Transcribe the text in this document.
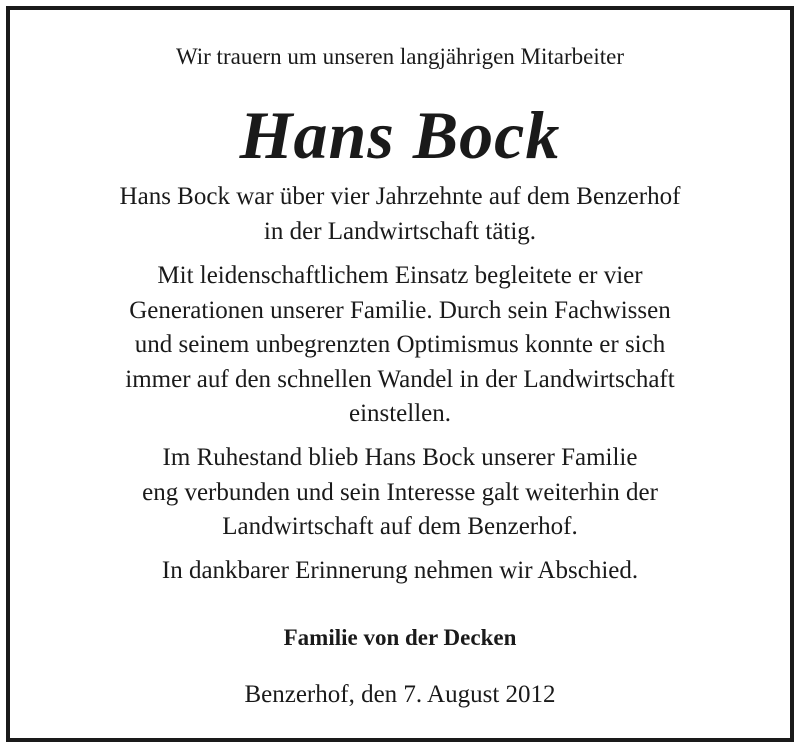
Wir trauern um unseren langjährigen Mitarbeiter
Hans Bock
Hans Bock war über vier Jahrzehnte auf dem Benzerhof
in der Landwirtschaft tätig.
Mit leidenschaftlichem Einsatz begleitete er vier
Generationen unserer Familie. Durch sein Fachwissen
und seinem unbegrenzten Optimismus konnte er sich
immer auf den schnellen Wandel in der Landwirtschaft
einstellen.
Im Ruhestand blieb Hans Bock unserer Familie
eng verbunden und sein Interesse galt weiterhin der
Landwirtschaft auf dem Benzerhof.
In dankbarer Erinnerung nehmen wir Abschied.
Familie von der Decken
Benzerhof, den 7. August 2012
